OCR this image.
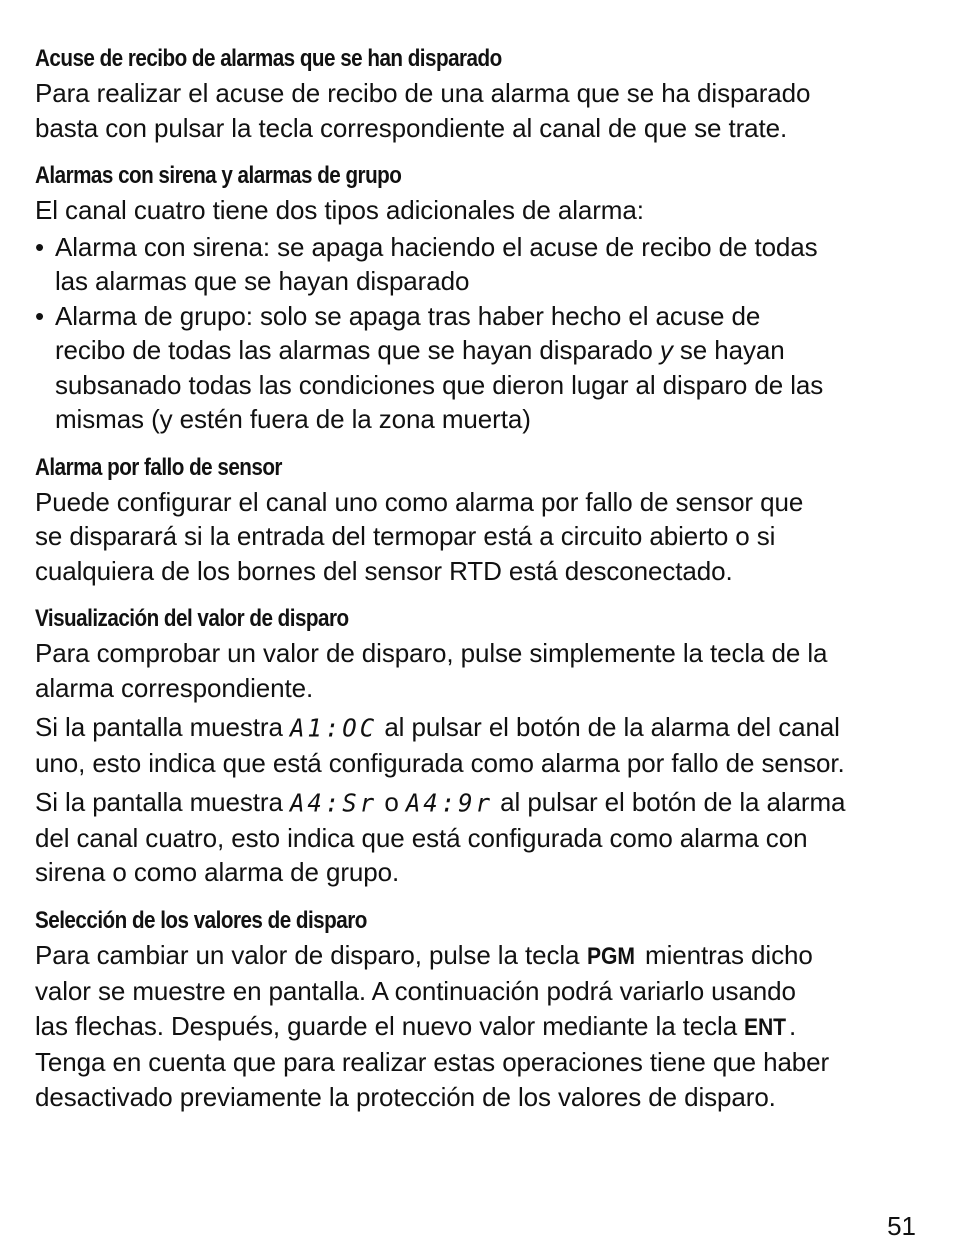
Acuse de recibo de alarmas que se han disparado

Para realizar el acuse de recibo de una alarma que se ha disparado
basta con pulsar la tecla correspondiente al canal de que se trate.

Alarmas con sirena y alarmas de grupo

El canal cuatro tiene dos tipos adicionales de alarma:

• Alarma con sirena: se apaga haciendo el acuse de recibo de todas
las alarmas que se hayan disparado
• Alarma de grupo: solo se apaga tras haber hecho el acuse de
recibo de todas las alarmas que se hayan disparado y se hayan
subsanado todas las condiciones que dieron lugar al disparo de las
mismas (y estén fuera de la zona muerta)
Alarma por fallo de sensor

Puede configurar el canal uno como alarma por fallo de sensor que
se disparará si la entrada del termopar está a circuito abierto o si
cualquiera de los bornes del sensor RTD está desconectado.

Visualización del valor de disparo

Para comprobar un valor de disparo, pulse simplemente la tecla de la
alarma correspondiente.

Si la pantalla muestra A1:OC al pulsar el botón de la alarma del canal
uno, esto indica que está configurada como alarma por fallo de sensor.

Si la pantalla muestra A4:Sr o A4:9r al pulsar el botón de la alarma
del canal cuatro, esto indica que está configurada como alarma con
sirena o como alarma de grupo.

Selección de los valores de disparo

Para cambiar un valor de disparo, pulse la tecla PGM mientras dicho
valor se muestre en pantalla. A continuación podrá variarlo usando
las flechas. Después, guarde el nuevo valor mediante la tecla ENT .
Tenga en cuenta que para realizar estas operaciones tiene que haber
desactivado previamente la protección de los valores de disparo.

51
